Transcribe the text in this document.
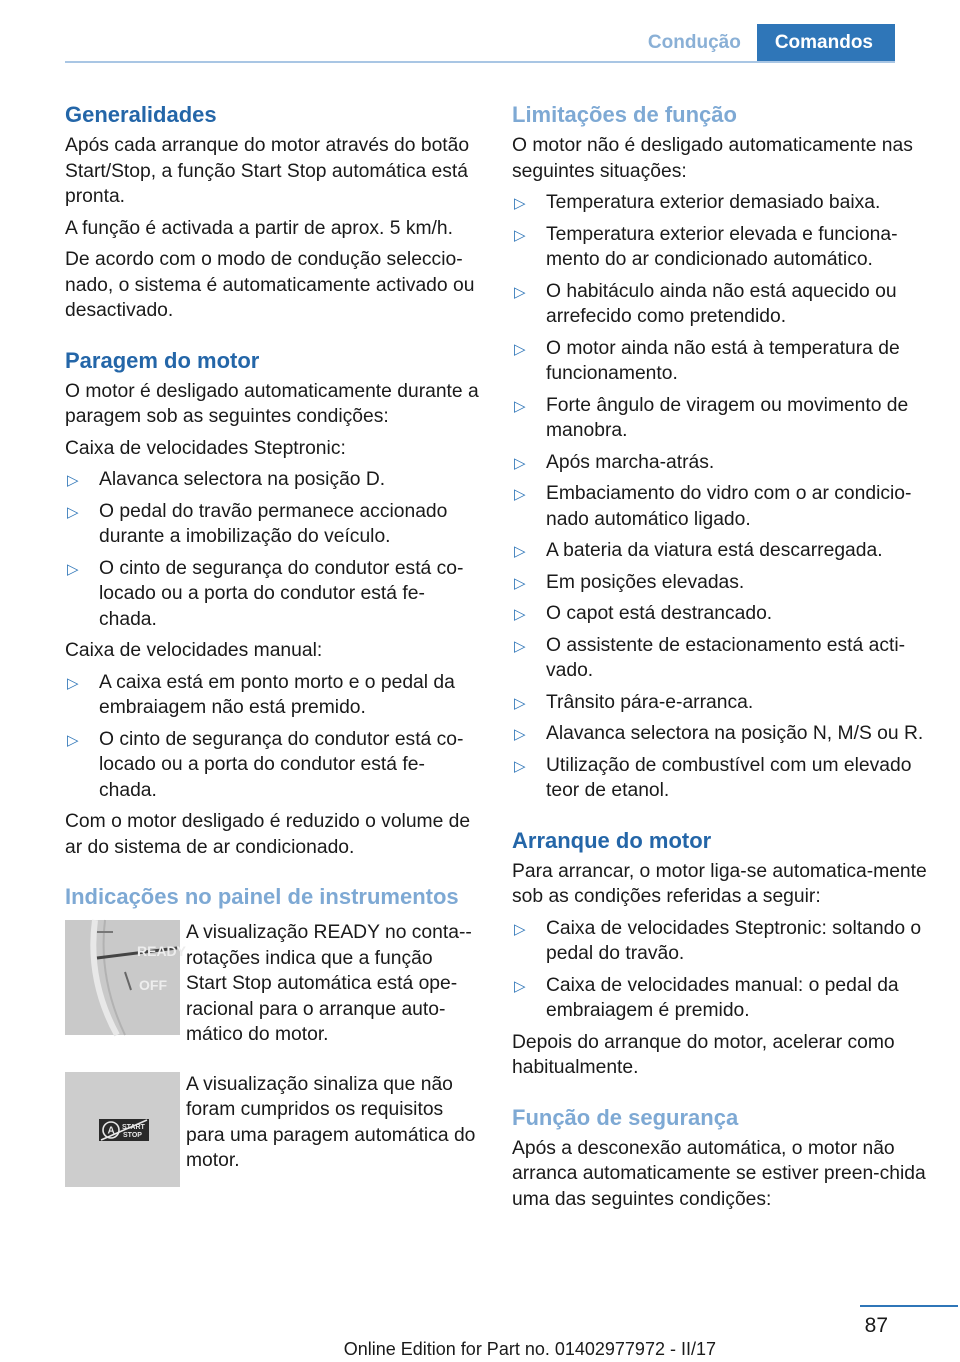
Condução	Comandos
Generalidades

Após cada arranque do motor através do botão Start/Stop, a função Start Stop automática está pronta.

A função é activada a partir de aprox. 5 km/h.

De acordo com o modo de condução seleccio-nado, o sistema é automaticamente activado ou desactivado.

Paragem do motor

O motor é desligado automaticamente durante a paragem sob as seguintes condições:

Caixa de velocidades Steptronic:

▷ Alavanca selectora na posição D.
▷ O pedal do travão permanece accionado durante a imobilização do veículo.
▷ O cinto de segurança do condutor está co-locado ou a porta do condutor está fe-chada.

Caixa de velocidades manual:

▷ A caixa está em ponto morto e o pedal da embraiagem não está premido.
▷ O cinto de segurança do condutor está co-locado ou a porta do condutor está fe-chada.

Com o motor desligado é reduzido o volume de ar do sistema de ar condicionado.

Indicações no painel de instrumentos
READY
OFF
A visualização READY no conta--rotações indica que a função Start Stop automática está ope-racional para o arranque auto-mático do motor.
A START
STOP
A visualização sinaliza que não foram cumpridos os requisitos para uma paragem automática do motor.
Limitações de função

O motor não é desligado automaticamente nas seguintes situações:

▷ Temperatura exterior demasiado baixa.
▷ Temperatura exterior elevada e funciona-mento do ar condicionado automático.
▷ O habitáculo ainda não está aquecido ou arrefecido como pretendido.
▷ O motor ainda não está à temperatura de funcionamento.
▷ Forte ângulo de viragem ou movimento de manobra.
▷ Após marcha-atrás.
▷ Embaciamento do vidro com o ar condicio-nado automático ligado.
▷ A bateria da viatura está descarregada.
▷ Em posições elevadas.
▷ O capot está destrancado.
▷ O assistente de estacionamento está acti-vado.
▷ Trânsito pára-e-arranca.
▷ Alavanca selectora na posição N, M/S ou R.
▷ Utilização de combustível com um elevado teor de etanol.
Arranque do motor

Para arrancar, o motor liga-se automatica-mente sob as condições referidas a seguir:

▷ Caixa de velocidades Steptronic: soltando o pedal do travão.
▷ Caixa de velocidades manual: o pedal da embraiagem é premido.

Depois do arranque do motor, acelerar como habitualmente.

Função de segurança

Após a desconexão automática, o motor não arranca automaticamente se estiver preen-chida uma das seguintes condições:

87
Online Edition for Part no. 01402977972 - II/17
